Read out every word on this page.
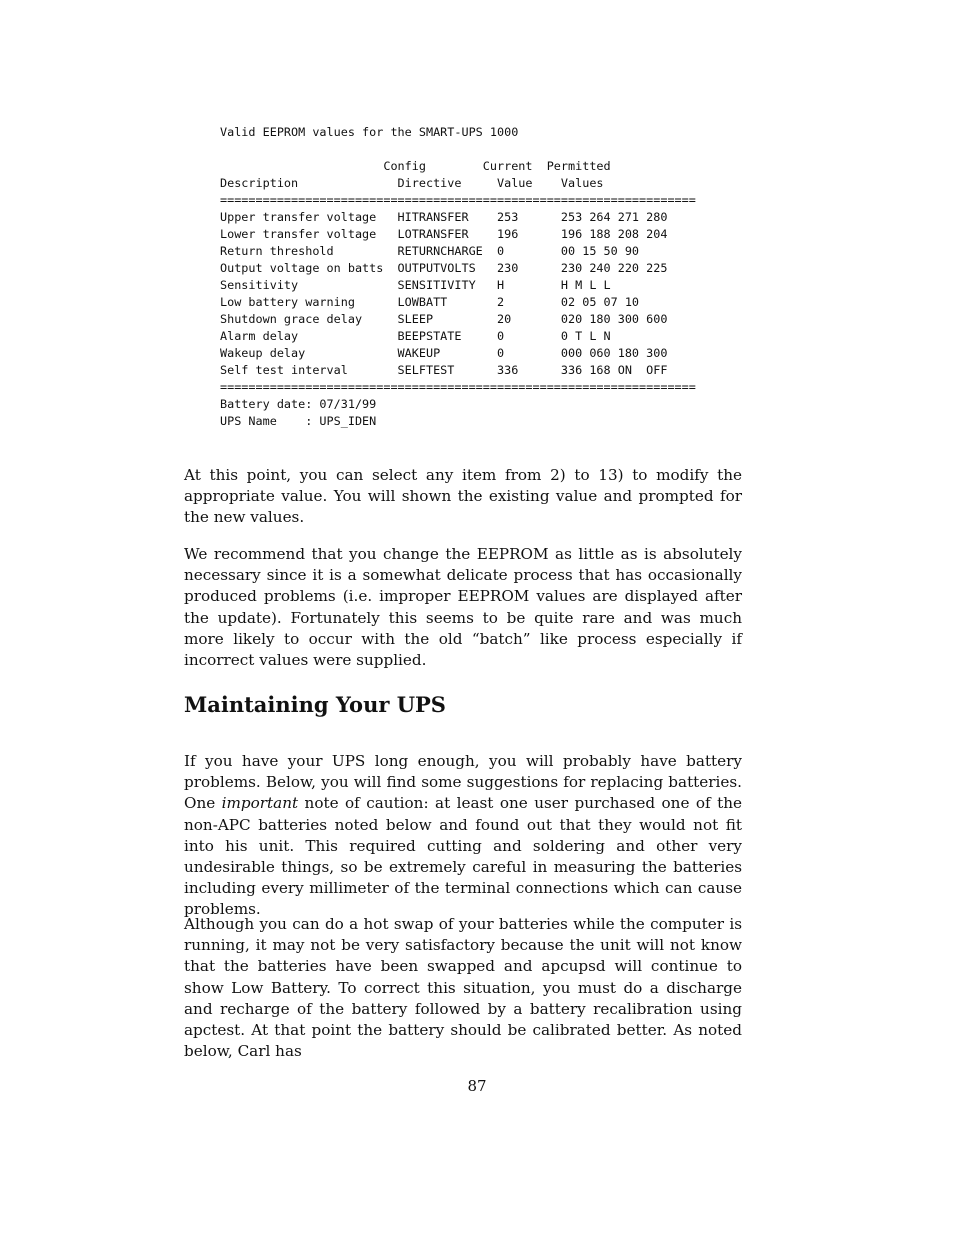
Valid EEPROM values for the SMART-UPS 1000

Config        Current  Permitted
Description              Directive     Value    Values
===================================================================
Upper transfer voltage   HITRANSFER    253      253 264 271 280
Lower transfer voltage   LOTRANSFER    196      196 188 208 204
Return threshold         RETURNCHARGE  0        00 15 50 90
Output voltage on batts  OUTPUTVOLTS   230      230 240 220 225
Sensitivity              SENSITIVITY   H        H M L L
Low battery warning      LOWBATT       2        02 05 07 10
Shutdown grace delay     SLEEP         20       020 180 300 600
Alarm delay              BEEPSTATE     0        0 T L N
Wakeup delay             WAKEUP        0        000 060 180 300
Self test interval       SELFTEST      336      336 168 ON  OFF
===================================================================
Battery date: 07/31/99
UPS Name    : UPS_IDEN

At this point, you can select any item from 2) to 13) to modify the appropriate value. You will shown the existing value and prompted for the new values.

We recommend that you change the EEPROM as little as is absolutely necessary since it is a somewhat delicate process that has occasionally produced problems (i.e. improper EEPROM values are displayed after the update). Fortunately this seems to be quite rare and was much more likely to occur with the old “batch” like process especially if incorrect values were supplied.

Maintaining Your UPS

If you have your UPS long enough, you will probably have battery problems. Below, you will find some suggestions for replacing batteries. One important note of caution: at least one user purchased one of the non-APC batteries noted below and found out that they would not fit into his unit. This required cutting and soldering and other very undesirable things, so be extremely careful in measuring the batteries including every millimeter of the terminal connections which can cause problems.

Although you can do a hot swap of your batteries while the computer is running, it may not be very satisfactory because the unit will not know that the batteries have been swapped and apcupsd will continue to show Low Battery. To correct this situation, you must do a discharge and recharge of the battery followed by a battery recalibration using apctest. At that point the battery should be calibrated better. As noted below, Carl has

87
